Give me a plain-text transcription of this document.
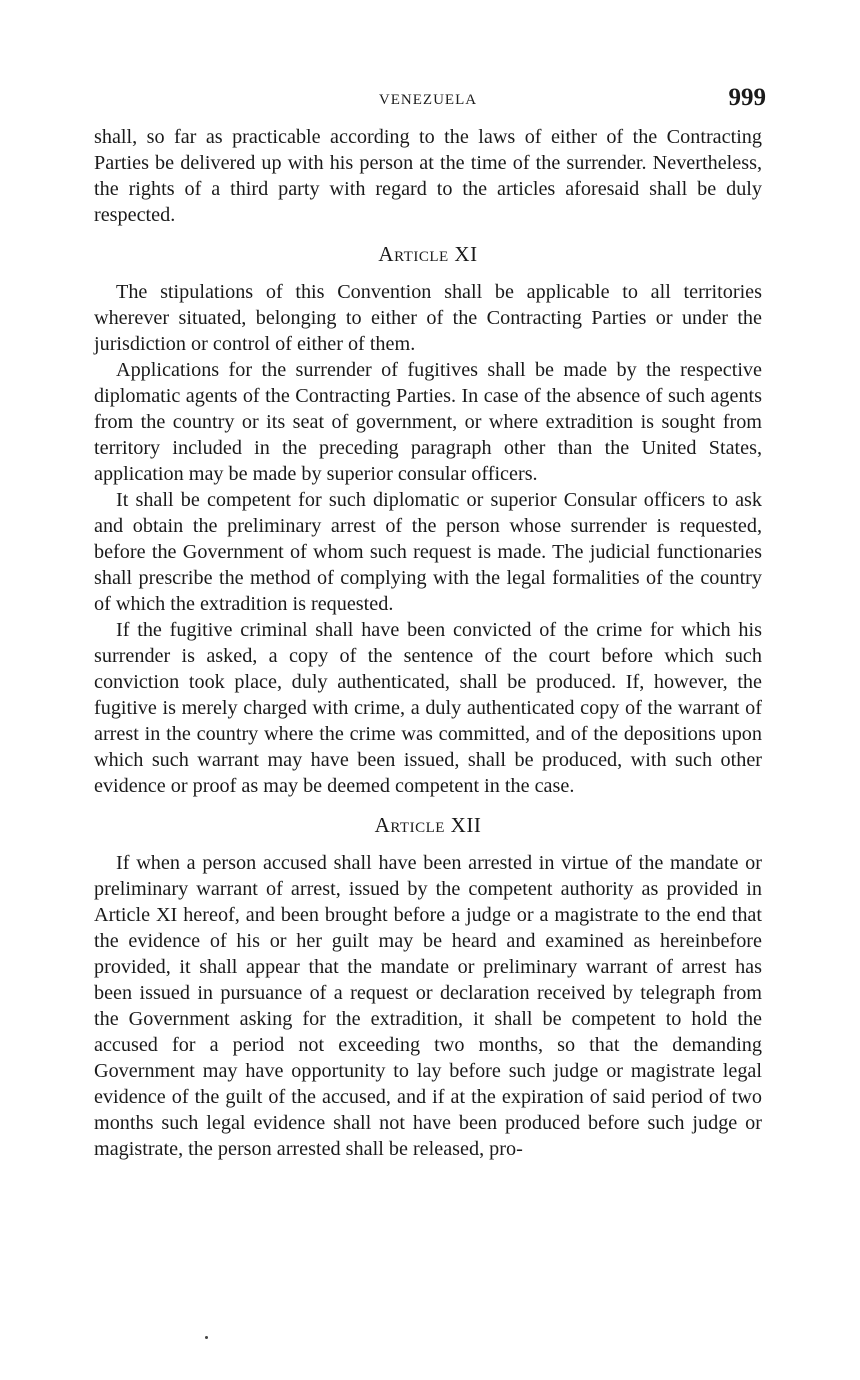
VENEZUELA	999

shall, so far as practicable according to the laws of either of the Contracting Parties be delivered up with his person at the time of the surrender. Nevertheless, the rights of a third party with regard to the articles aforesaid shall be duly respected.

Article XI

The stipulations of this Convention shall be applicable to all territories wherever situated, belonging to either of the Contracting Parties or under the jurisdiction or control of either of them.

Applications for the surrender of fugitives shall be made by the respective diplomatic agents of the Contracting Parties. In case of the absence of such agents from the country or its seat of government, or where extradition is sought from territory included in the preceding paragraph other than the United States, application may be made by superior consular officers.

It shall be competent for such diplomatic or superior Consular officers to ask and obtain the preliminary arrest of the person whose surrender is requested, before the Government of whom such request is made. The judicial functionaries shall prescribe the method of complying with the legal formalities of the country of which the extradition is requested.

If the fugitive criminal shall have been convicted of the crime for which his surrender is asked, a copy of the sentence of the court before which such conviction took place, duly authenticated, shall be produced. If, however, the fugitive is merely charged with crime, a duly authenticated copy of the warrant of arrest in the country where the crime was committed, and of the depositions upon which such warrant may have been issued, shall be produced, with such other evidence or proof as may be deemed competent in the case.

Article XII

If when a person accused shall have been arrested in virtue of the mandate or preliminary warrant of arrest, issued by the competent authority as provided in Article XI hereof, and been brought before a judge or a magistrate to the end that the evidence of his or her guilt may be heard and examined as hereinbefore provided, it shall appear that the mandate or preliminary warrant of arrest has been issued in pursuance of a request or declaration received by telegraph from the Government asking for the extradition, it shall be competent to hold the accused for a period not exceeding two months, so that the demanding Government may have opportunity to lay before such judge or magistrate legal evidence of the guilt of the accused, and if at the expiration of said period of two months such legal evidence shall not have been produced before such judge or magistrate, the person arrested shall be released, pro-
